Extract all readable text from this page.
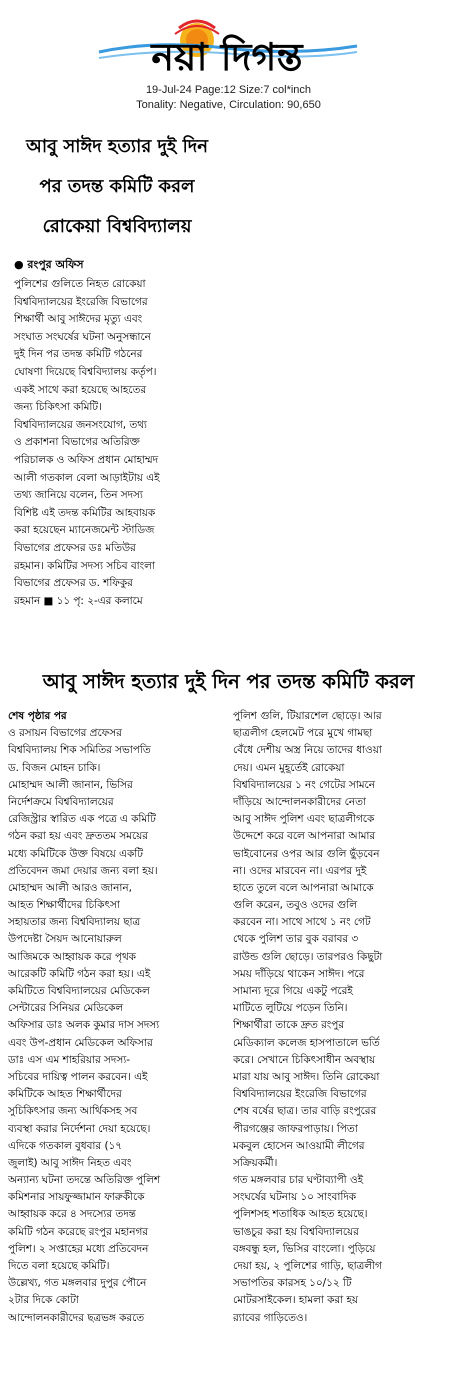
নয়া দিগন্ত
19-Jul-24 Page:12 Size:7 col*inch
Tonality: Negative, Circulation: 90,650
আবু সাঈদ হত্যার দুই দিন
পর তদন্ত কমিটি করল
রোকেয়া বিশ্ববিদ্যালয়
● রংপুর অফিস
পুলিশের গুলিতে নিহত রোকেয়া
বিশ্ববিদ্যালয়ের ইংরেজি বিভাগের
শিক্ষার্থী আবু সাঈদের মৃত্যু এবং
সংঘাত সংঘর্ষের ঘটনা অনুসন্ধানে
দুই দিন পর তদন্ত কমিটি গঠনের
ঘোষণা দিয়েছে বিশ্ববিদ্যালয় কর্তৃপ।
একই সাথে করা হয়েছে আহতের
জন্য চিকিৎসা কমিটি।
বিশ্ববিদ্যালয়ের জনসংযোগ, তথ্য
ও প্রকাশনা বিভাগের অতিরিক্ত
পরিচালক ও অফিস প্রধান মোহাম্মদ
আলী গতকাল বেলা আড়াইটায় এই
তথ্য জানিয়ে বলেন, তিন সদস্য
বিশিষ্ট এই তদন্ত কমিটির আহবায়ক
করা হয়েছেন ম্যানেজমেন্ট স্টাডিজ
বিভাগের প্রফেসর ডঃ মতিউর
রহমান। কমিটির সদস্য সচিব বাংলা
বিভাগের প্রফেসর ড. শফিকুর
রহমান ■ ১১ পৃ: ২-এর কলামে
আবু সাঈদ হত্যার দুই দিন পর তদন্ত কমিটি করল
শেষ পৃষ্ঠার পর
ও রসায়ন বিভাগের প্রফেসর
বিশ্ববিদ্যালয় শিক সমিতির সভাপতি
ড. বিজন মোহন চাকি।
মোহাম্মদ আলী জানান, ভিসির
নির্দেশক্রমে বিশ্ববিদ্যালয়ের
রেজিস্ট্রার স্বারিত এক পত্রে এ কমিটি
গঠন করা হয় এবং দ্রুততম সময়ের
মধ্যে কমিটিকে উক্ত বিষয়ে একটি
প্রতিবেদন জমা দেয়ার জন্য বলা হয়।
মোহাম্মদ আলী আরও জানান,
আহত শিক্ষার্থীদের চিকিৎসা
সহায়তার জন্য বিশ্ববিদ্যালয় ছাত্র
উপদেষ্টা সৈয়দ আনোয়ারুল
আজিমকে আহ্বায়ক করে পৃথক
আরেকটি কমিটি গঠন করা হয়। এই
কমিটিতে বিশ্ববিদ্যালয়ের মেডিকেল
সেন্টারের সিনিয়র মেডিকেল
অফিসার ডাঃ অলক কুমার দাস সদস্য
এবং উপ-প্রধান মেডিকেল অফিসার
ডাঃ এস এম শাহরিয়ার সদস্য-
সচিবের দায়িত্ব পালন করবেন। এই
কমিটিকে আহত শিক্ষার্থীদের
সুচিকিৎসার জন্য আর্থিকসহ সব
ব্যবস্থা করার নির্দেশনা দেয়া হয়েছে।
এদিকে গতকাল বুধবার (১৭
জুলাই) আবু সাঈদ নিহত এবং
অন্যান্য ঘটনা তদন্তে অতিরিক্ত পুলিশ
কমিশনার সায়ফুজ্জামান ফারুকীকে
আহ্বায়ক করে ৪ সদস্যের তদন্ত
কমিটি গঠন করেছে রংপুর মহানগর
পুলিশ। ২ সপ্তাহের মধ্যে প্রতিবেদন
দিতে বলা হয়েছে কমিটি।
উল্লেখ্য, গত মঙ্গলবার দুপুর পৌনে
২টার দিকে কোটা
আন্দোলনকারীদের ছত্রভঙ্গ করতে
পুলিশ গুলি, টিয়ারশেল ছোড়ে। আর
ছাত্রলীগ হেলমেট পরে মুখে গামছা
বেঁধে দেশীয় অস্ত্র নিয়ে তাদের ধাওয়া
দেয়। এমন মুহূর্তেই রোকেয়া
বিশ্ববিদ্যালয়ের ১ নং গেটের সামনে
দাঁড়িয়ে আন্দোলনকারীদের নেতা
আবু সাঈদ পুলিশ এবং ছাত্রলীগকে
উদ্দেশে করে বলে আপনারা আমার
ভাইবোনের ওপর আর গুলি ছুঁড়বেন
না। ওদের মারবেন না। এরপর দুই
হাতে তুলে বলে আপনারা আমাকে
গুলি করেন, তবুও ওদের গুলি
করবেন না। সাথে সাথে ১ নং গেট
থেকে পুলিশ তার বুক বরাবর ৩
রাউন্ড গুলি ছোড়ে। তারপরও কিছুটা
সময় দাঁড়িয়ে থাকেন সাঈদ। পরে
সামান্য দূরে গিয়ে একটু পরেই
মাটিতে লুটিয়ে পড়েন তিনি।
শিক্ষার্থীরা তাকে দ্রুত রংপুর
মেডিক্যাল কলেজ হাসপাতালে ভর্তি
করে। সেখানে চিকিৎসাধীন অবস্থায়
মারা যায় আবু সাঈদ। তিনি রোকেয়া
বিশ্ববিদ্যালয়ের ইংরেজি বিভাগের
শেষ বর্ষের ছাত্র। তার বাড়ি রংপুরের
পীরগঞ্জের জাফরপাড়ায়। পিতা
মকবুল হোসেন আওয়ামী লীগের
সক্রিয়কর্মী।
গত মঙ্গলবার চার ঘণ্টাব্যাপী ওই
সংঘর্ষের ঘটনায় ১০ সাংবাদিক
পুলিশসহ শতাধিক আহত হয়েছে।
ভাঙচুর করা হয় বিশ্ববিদ্যালয়ের
বঙ্গবন্ধু হল, ভিসির বাংলো। পুড়িয়ে
দেয়া হয়, ২ পুলিশের গাড়ি, ছাত্রলীগ
সভাপতির কারসহ ১০/১২ টি
মোটরসাইকেল। হামলা করা হয়
র‍্যাবের গাড়িতেও।
